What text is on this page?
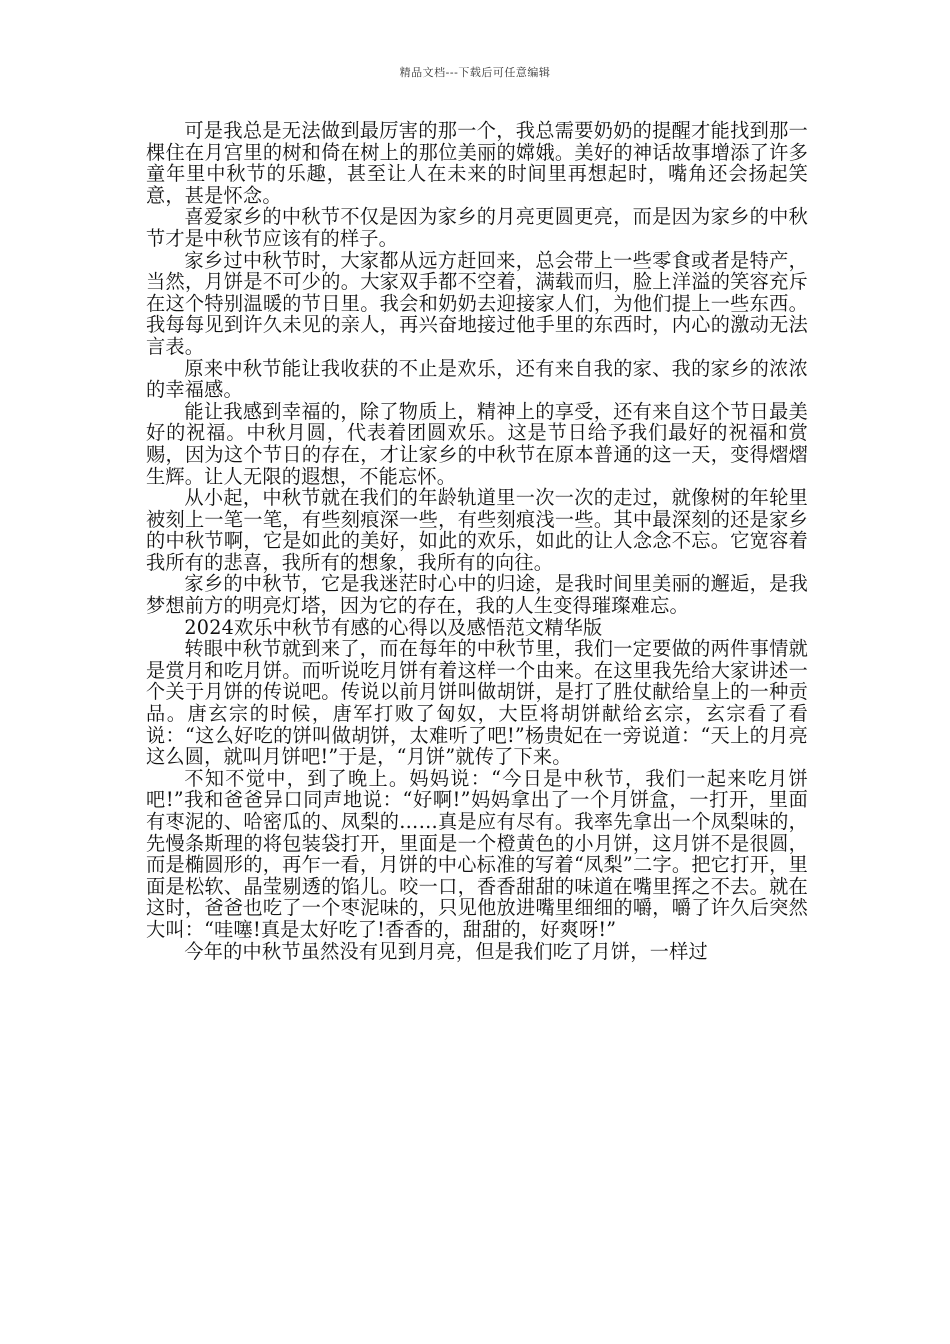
精品文档---下载后可任意编辑

可是我总是无法做到最厉害的那一个，我总需要奶奶的提醒才能找到那一棵住在月宫里的树和倚在树上的那位美丽的嫦娥。美好的神话故事增添了许多童年里中秋节的乐趣，甚至让人在未来的时间里再想起时，嘴角还会扬起笑意，甚是怀念。

喜爱家乡的中秋节不仅是因为家乡的月亮更圆更亮，而是因为家乡的中秋节才是中秋节应该有的样子。

家乡过中秋节时，大家都从远方赶回来，总会带上一些零食或者是特产，当然，月饼是不可少的。大家双手都不空着，满载而归，脸上洋溢的笑容充斥在这个特别温暖的节日里。我会和奶奶去迎接家人们，为他们提上一些东西。我每每见到许久未见的亲人，再兴奋地接过他手里的东西时，内心的激动无法言表。

原来中秋节能让我收获的不止是欢乐，还有来自我的家、我的家乡的浓浓的幸福感。

能让我感到幸福的，除了物质上，精神上的享受，还有来自这个节日最美好的祝福。中秋月圆，代表着团圆欢乐。这是节日给予我们最好的祝福和赏赐，因为这个节日的存在，才让家乡的中秋节在原本普通的这一天，变得熠熠生辉。让人无限的遐想，不能忘怀。

从小起，中秋节就在我们的年龄轨道里一次一次的走过，就像树的年轮里被刻上一笔一笔，有些刻痕深一些，有些刻痕浅一些。其中最深刻的还是家乡的中秋节啊，它是如此的美好，如此的欢乐，如此的让人念念不忘。它宽容着我所有的悲喜，我所有的想象，我所有的向往。

家乡的中秋节，它是我迷茫时心中的归途，是我时间里美丽的邂逅，是我梦想前方的明亮灯塔，因为它的存在，我的人生变得璀璨难忘。

2024欢乐中秋节有感的心得以及感悟范文精华版

转眼中秋节就到来了，而在每年的中秋节里，我们一定要做的两件事情就是赏月和吃月饼。而听说吃月饼有着这样一个由来。在这里我先给大家讲述一个关于月饼的传说吧。传说以前月饼叫做胡饼，是打了胜仗献给皇上的一种贡品。唐玄宗的时候，唐军打败了匈奴，大臣将胡饼献给玄宗，玄宗看了看说：“这么好吃的饼叫做胡饼，太难听了吧!”杨贵妃在一旁说道：“天上的月亮这么圆，就叫月饼吧!”于是，“月饼”就传了下来。

不知不觉中，到了晚上。妈妈说：“今日是中秋节，我们一起来吃月饼吧!”我和爸爸异口同声地说：“好啊!”妈妈拿出了一个月饼盒，一打开，里面有枣泥的、哈密瓜的、凤梨的……真是应有尽有。我率先拿出一个凤梨味的，先慢条斯理的将包装袋打开，里面是一个橙黄色的小月饼，这月饼不是很圆，而是椭圆形的，再乍一看，月饼的中心标准的写着“凤梨”二字。把它打开，里面是松软、晶莹剔透的馅儿。咬一口，香香甜甜的味道在嘴里挥之不去。就在这时，爸爸也吃了一个枣泥味的，只见他放进嘴里细细的嚼，嚼了许久后突然大叫：“哇噻!真是太好吃了!香香的，甜甜的，好爽呀!”

今年的中秋节虽然没有见到月亮，但是我们吃了月饼，一样过
